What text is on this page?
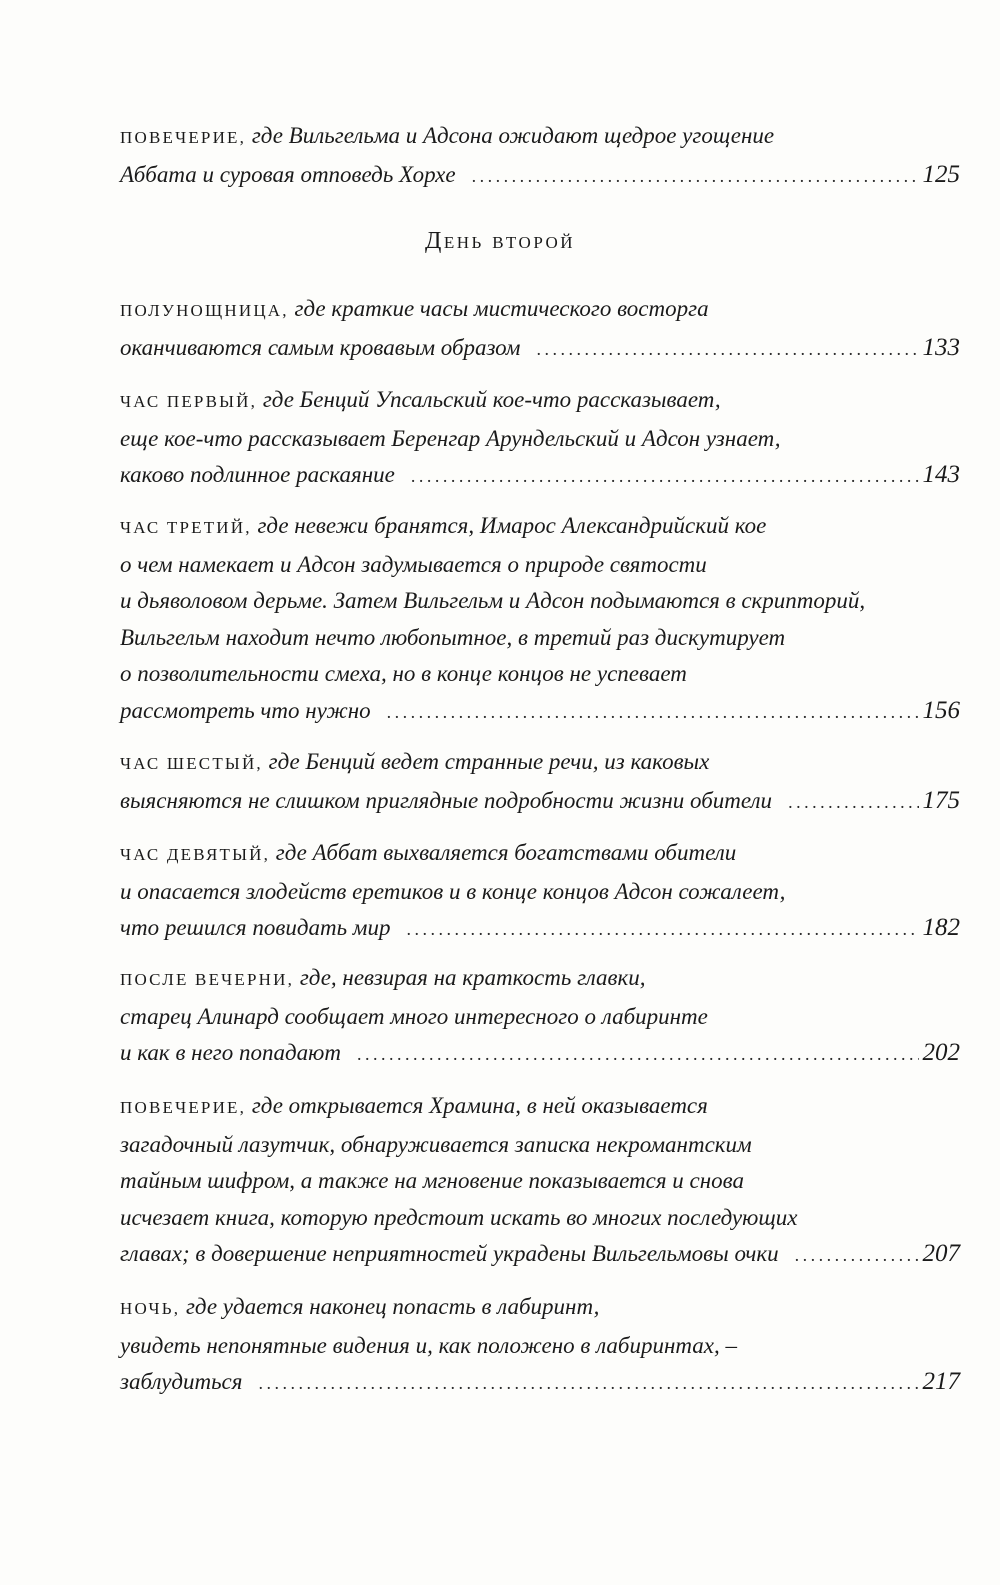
ПОВЕЧЕРИЕ, где Вильгельма и Адсона ожидают щедрое угощение
Аббата и суровая отповедь Хорхе . . .	125
День второй
ПОЛУНОЩНИЦА, где краткие часы мистического восторга
оканчиваются самым кровавым образом . . .	133
ЧАС ПЕРВЫЙ, где Бенций Упсальский кое-что рассказывает,
еще кое-что рассказывает Беренгар Арундельский и Адсон узнает,
каково подлинное раскаяние . . .	143
ЧАС ТРЕТИЙ, где невежи бранятся, Имарос Александрийский кое
о чем намекает и Адсон задумывается о природе святости
и дьяволовом дерьме. Затем Вильгельм и Адсон подымаются в скрипторий,
Вильгельм находит нечто любопытное, в третий раз дискутирует
о позволительности смеха, но в конце концов не успевает
рассмотреть что нужно . . .	156
ЧАС ШЕСТЫЙ, где Бенций ведет странные речи, из каковых
выясняются не слишком приглядные подробности жизни обители . . .	175
ЧАС ДЕВЯТЫЙ, где Аббат выхваляется богатствами обители
и опасается злодейств еретиков и в конце концов Адсон сожалеет,
что решился повидать мир . . .	182
ПОСЛЕ ВЕЧЕРНИ, где, невзирая на краткость главки,
старец Алинард сообщает много интересного о лабиринте
и как в него попадают . . .	202
ПОВЕЧЕРИЕ, где открывается Храмина, в ней оказывается
загадочный лазутчик, обнаруживается записка некромантским
тайным шифром, а также на мгновение показывается и снова
исчезает книга, которую предстоит искать во многих последующих
главах; в довершение неприятностей украдены Вильгельмовы очки . . .	207
НОЧЬ, где удается наконец попасть в лабиринт,
увидеть непонятные видения и, как положено в лабиринтах, –
заблудиться . . .	217
